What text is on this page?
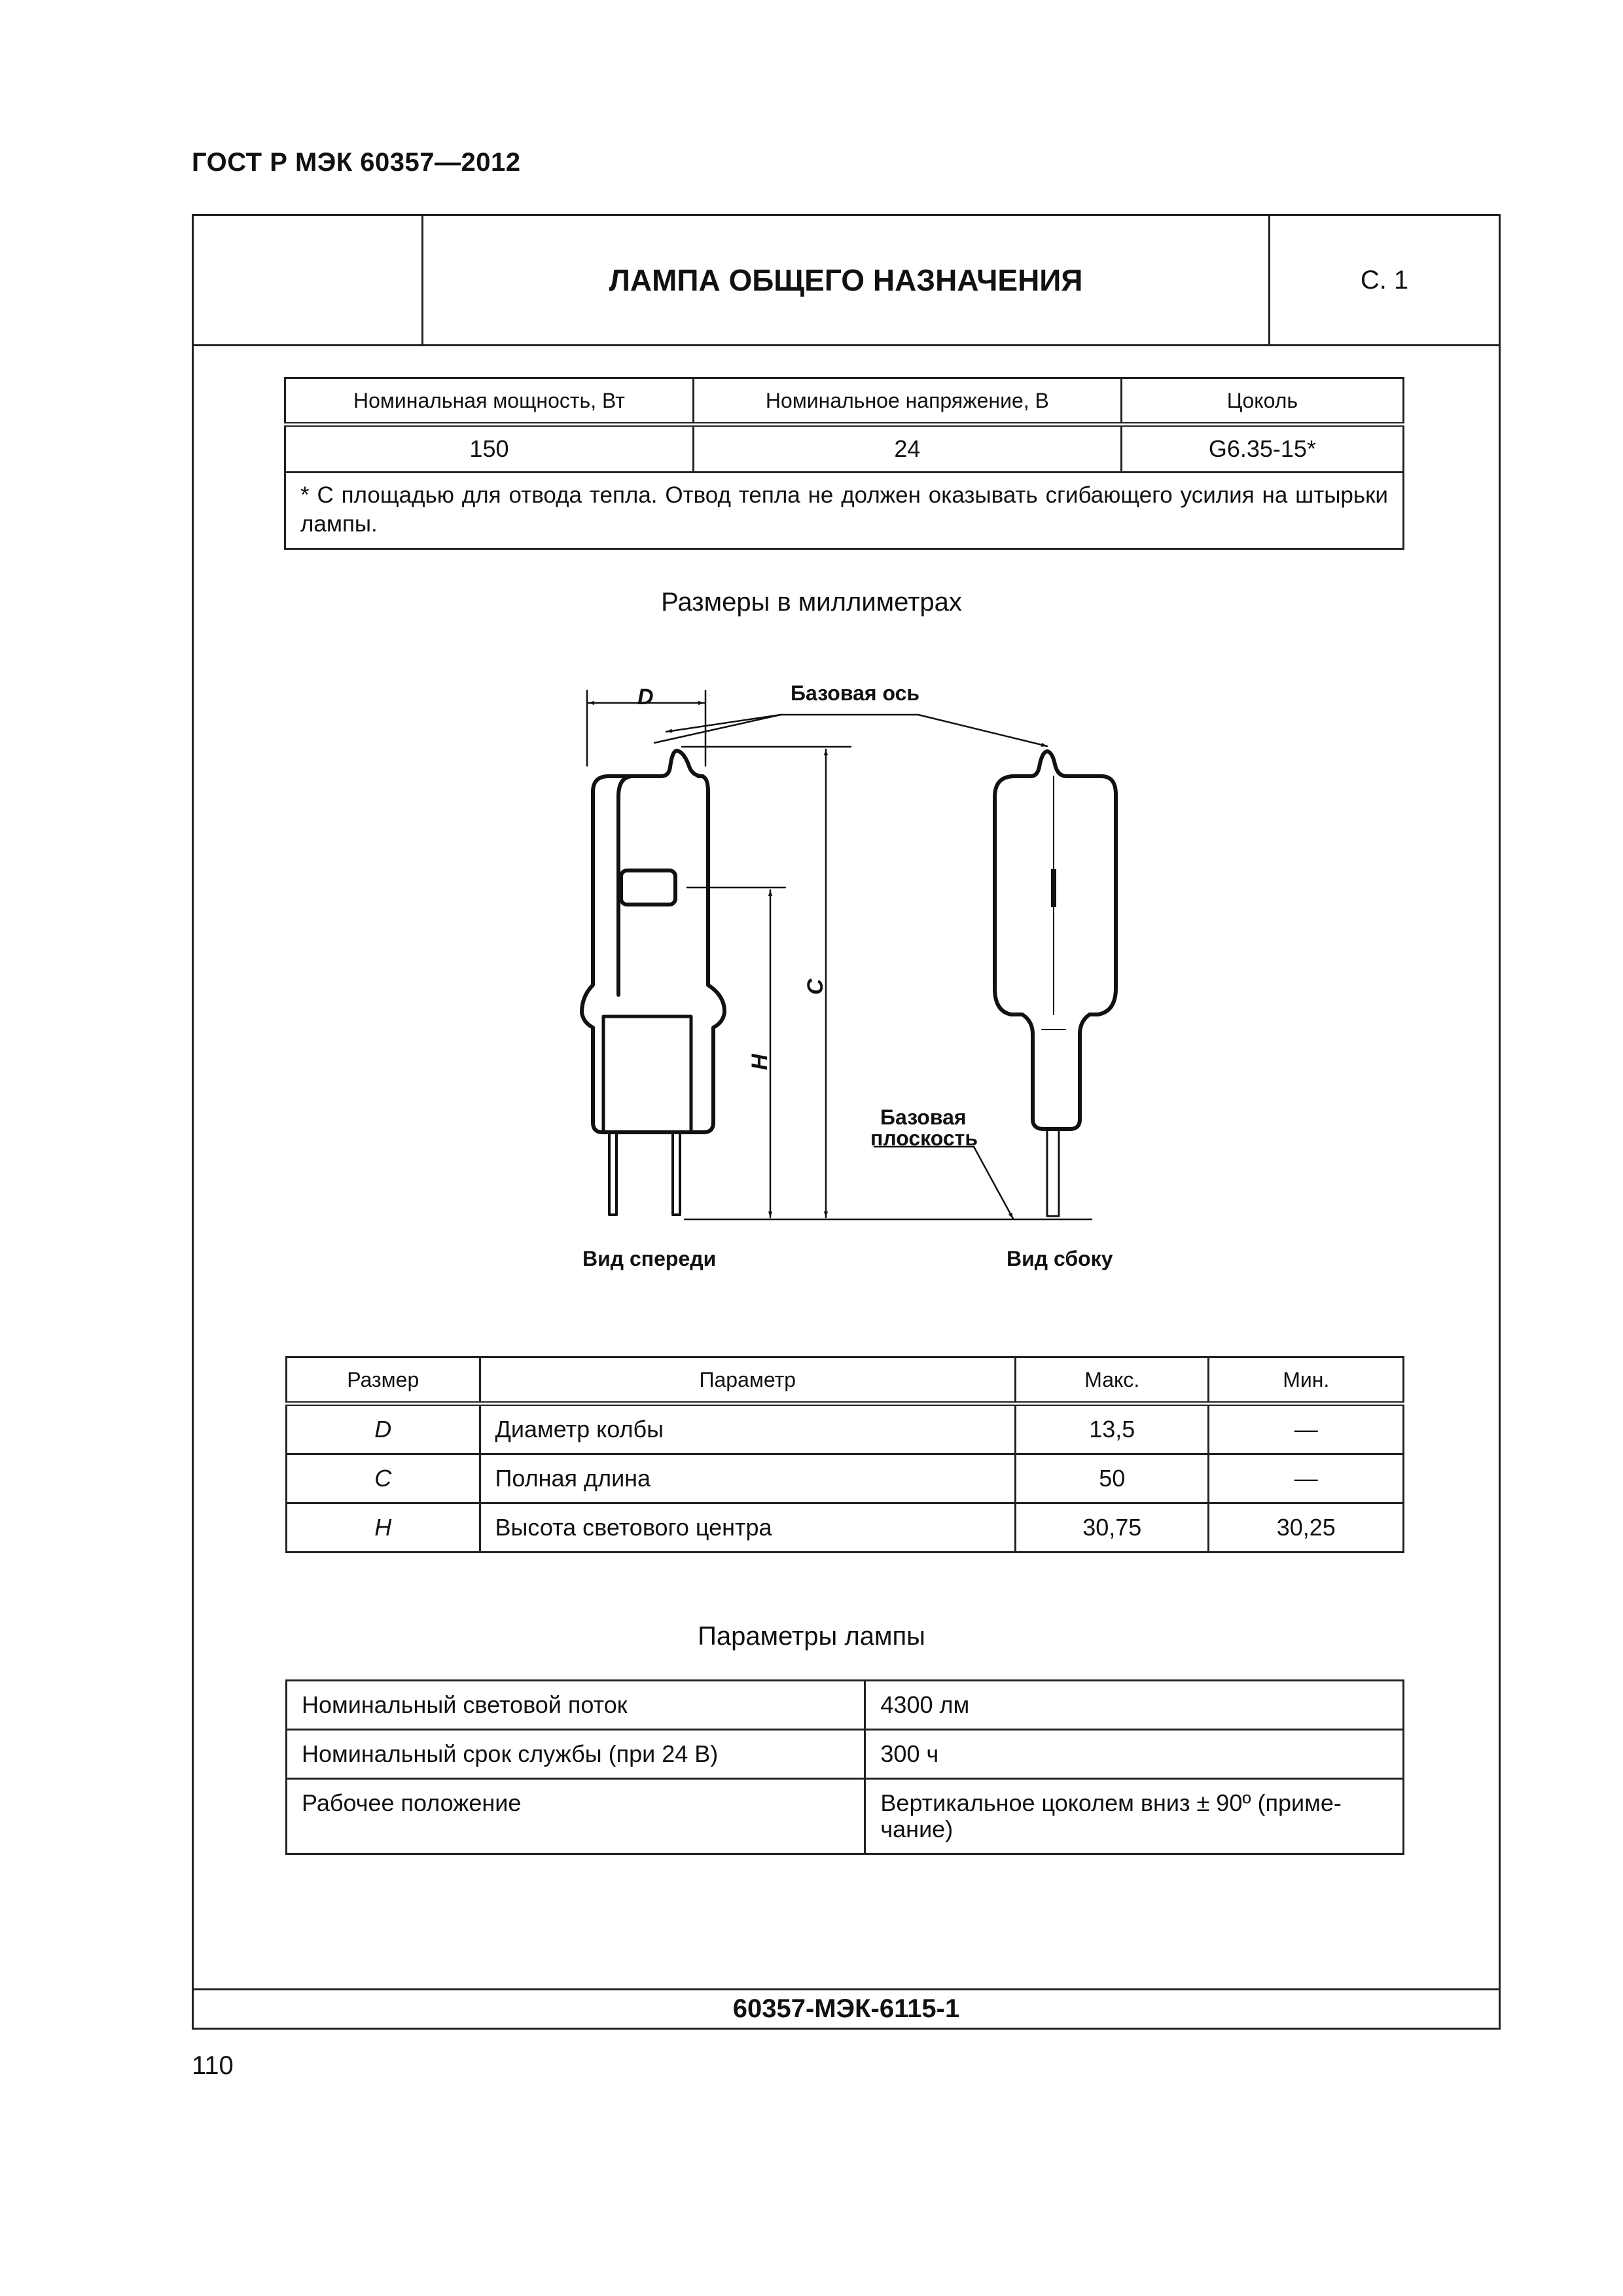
ГОСТ Р МЭК 60357—2012
ЛАМПА ОБЩЕГО НАЗНАЧЕНИЯ	С. 1
60357-МЭК-6115-1
Номинальная мощность, Вт	Номинальное напряжение, В	Цоколь
150	24	G6.35-15*
* С площадью для отвода тепла. Отвод тепла не должен оказывать сгибающего усилия на штырьки лампы.		
Размеры в миллиметрах
D	Базовая ось
C
H
Базовая
плоскость
Вид спереди	Вид сбоку
Размер	Параметр	Макс.	Мин.
D	Диаметр колбы	13,5	—
C	Полная длина	50	—
H	Высота светового центра	30,75	30,25
Параметры лампы
Номинальный световой поток	4300 лм
Номинальный срок службы (при 24 В)	300 ч
Рабочее положение	Вертикальное цоколем вниз ± 90º (приме-чание)
110
